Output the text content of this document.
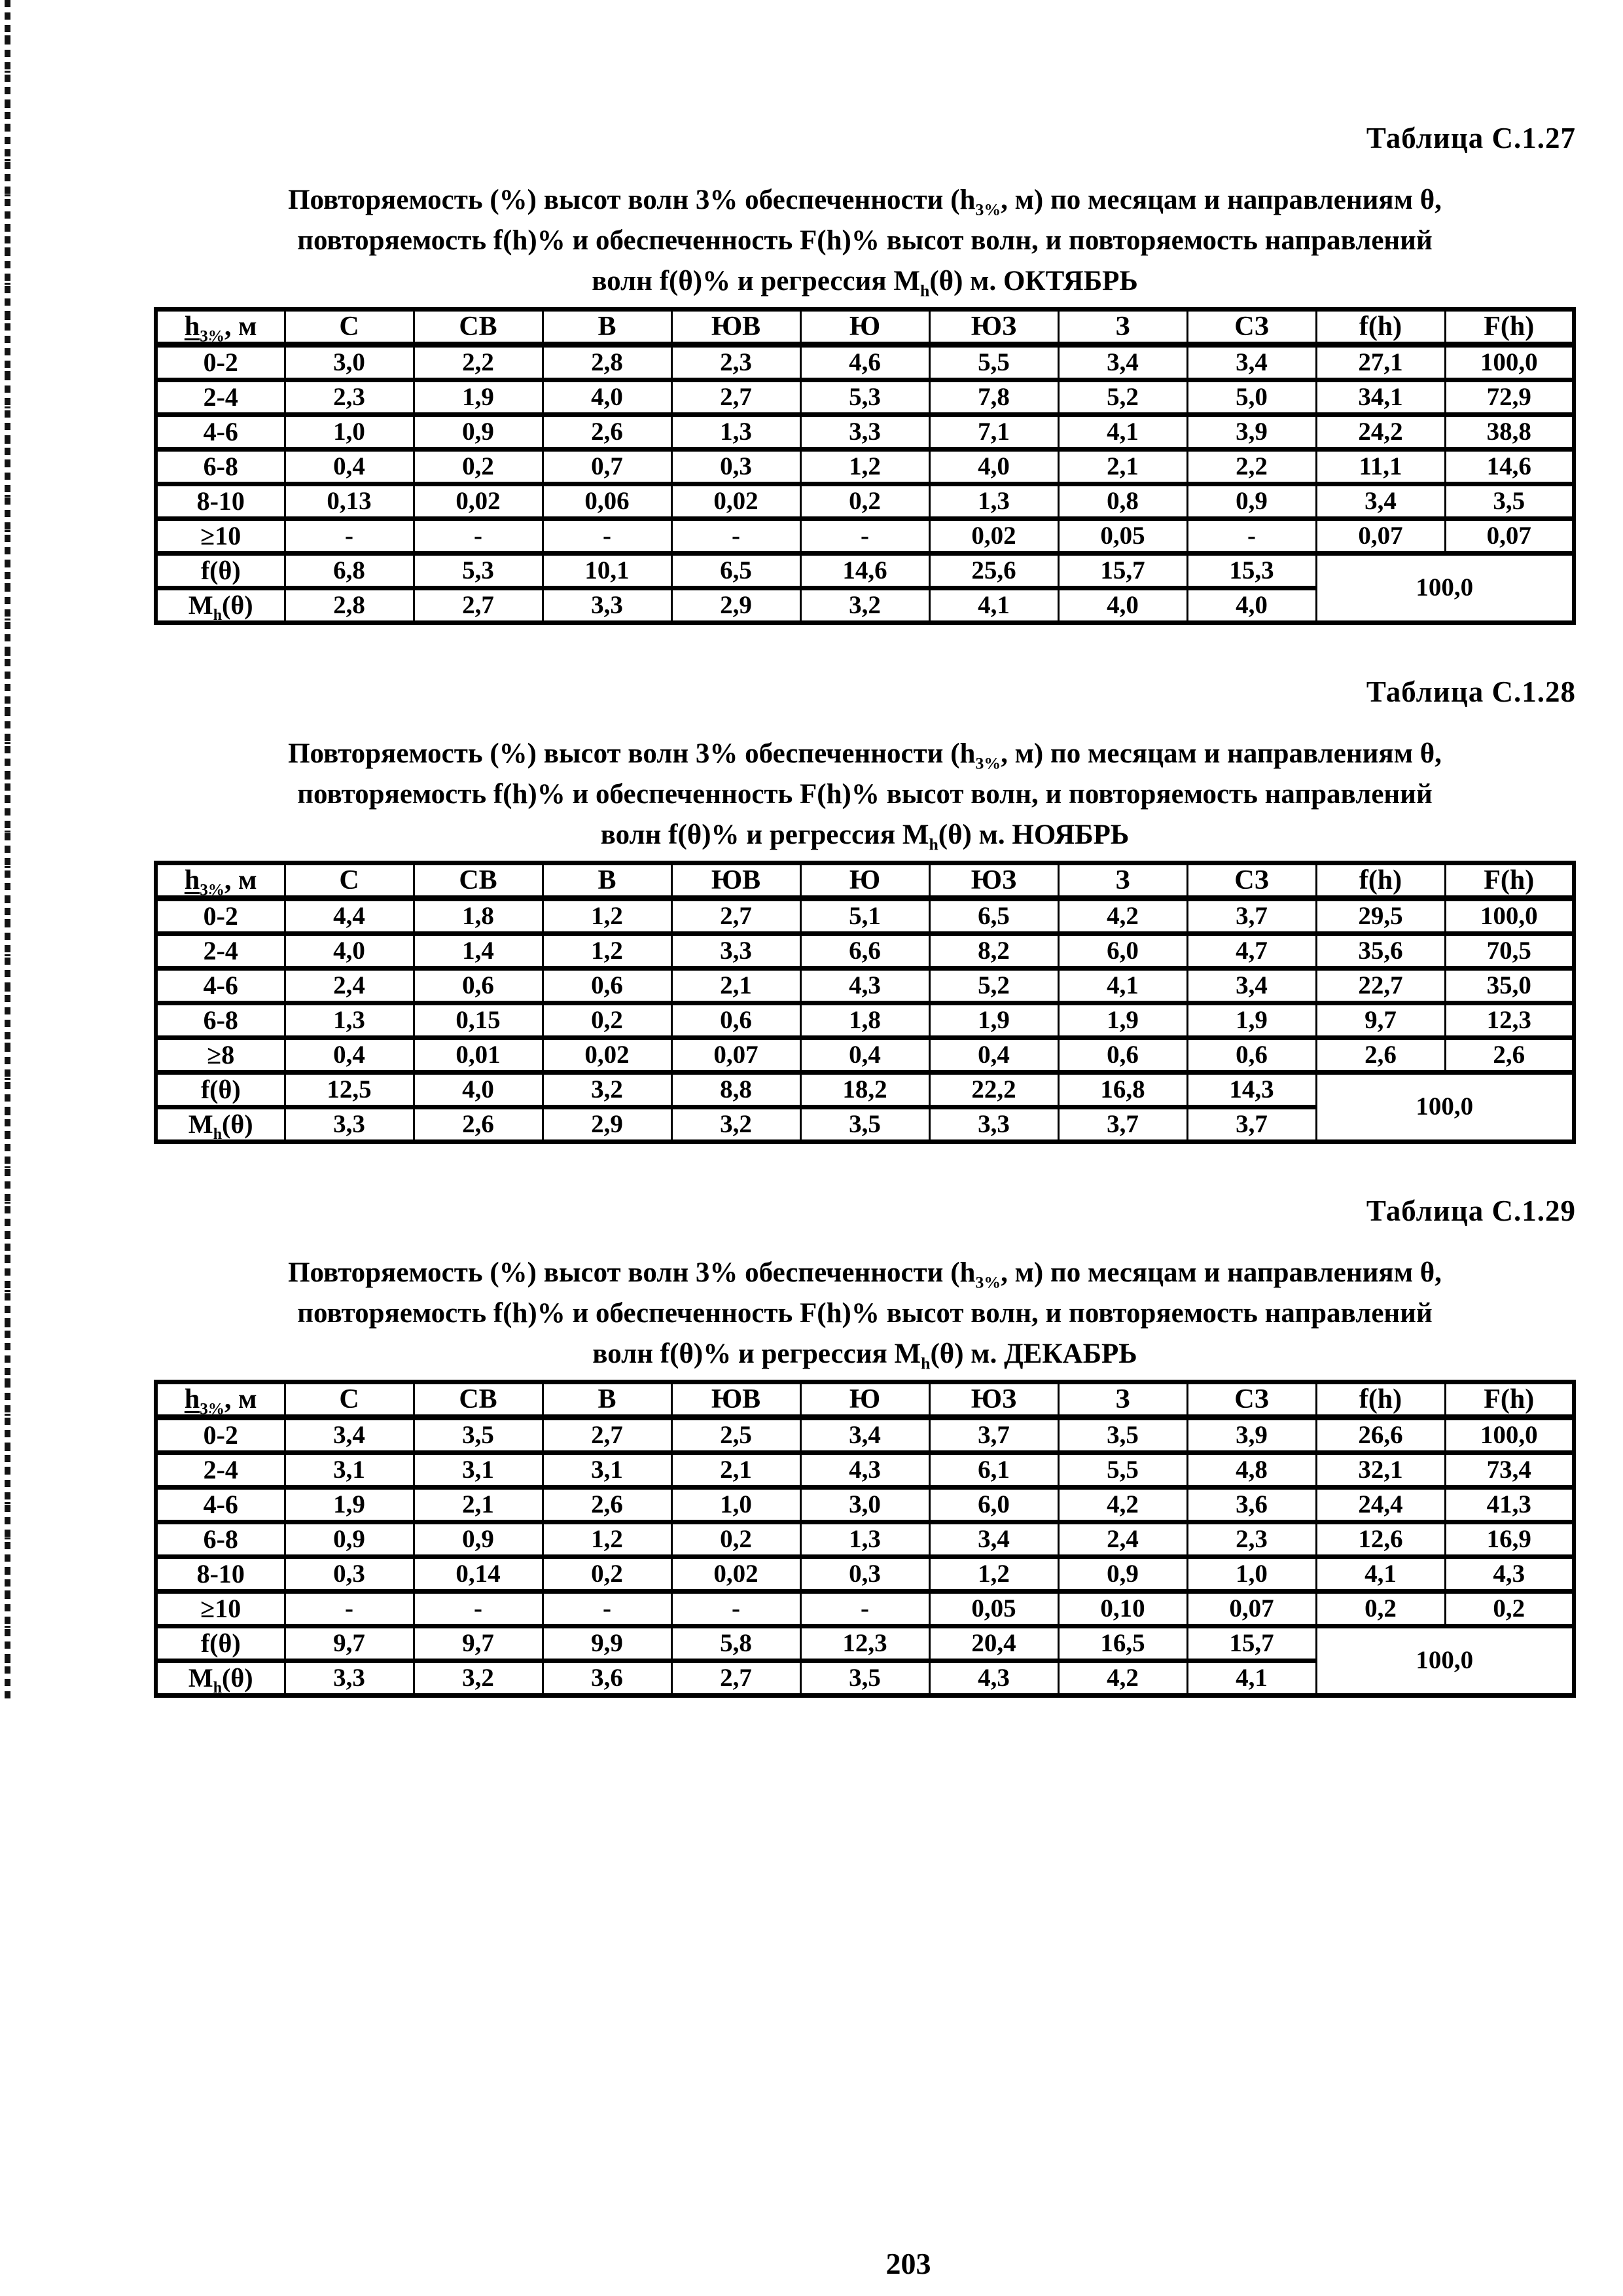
Таблица С.1.27
Повторяемость (%) высот волн 3% обеспеченности ($h_{3\%}$, м) по месяцам и направлениям θ,
повторяемость f(h)% и обеспеченность F(h)% высот волн, и повторяемость направлений
волн f(θ)% и регрессия $M_h(\theta)$ м. ОКТЯБРЬ
$h_{3\%}$, м	С	СВ	В	ЮВ	Ю	ЮЗ	З	СЗ	f(h)	F(h)
0-2	3,0	2,2	2,8	2,3	4,6	5,5	3,4	3,4	27,1	100,0
2-4	2,3	1,9	4,0	2,7	5,3	7,8	5,2	5,0	34,1	72,9
4-6	1,0	0,9	2,6	1,3	3,3	7,1	4,1	3,9	24,2	38,8
6-8	0,4	0,2	0,7	0,3	1,2	4,0	2,1	2,2	11,1	14,6
8-10	0,13	0,02	0,06	0,02	0,2	1,3	0,8	0,9	3,4	3,5
≥10	-	-	-	-	-	0,02	0,05	-	0,07	0,07
f(θ)	6,8	5,3	10,1	6,5	14,6	25,6	15,7	15,3	100,0	
$M_h(\theta)$	2,8	2,7	3,3	2,9	3,2	4,1	4,0	4,0		
Таблица С.1.28
Повторяемость (%) высот волн 3% обеспеченности ($h_{3\%}$, м) по месяцам и направлениям θ,
повторяемость f(h)% и обеспеченность F(h)% высот волн, и повторяемость направлений
волн f(θ)% и регрессия $M_h(\theta)$ м. НОЯБРЬ
$h_{3\%}$, м	С	СВ	В	ЮВ	Ю	ЮЗ	З	СЗ	f(h)	F(h)
0-2	4,4	1,8	1,2	2,7	5,1	6,5	4,2	3,7	29,5	100,0
2-4	4,0	1,4	1,2	3,3	6,6	8,2	6,0	4,7	35,6	70,5
4-6	2,4	0,6	0,6	2,1	4,3	5,2	4,1	3,4	22,7	35,0
6-8	1,3	0,15	0,2	0,6	1,8	1,9	1,9	1,9	9,7	12,3
≥8	0,4	0,01	0,02	0,07	0,4	0,4	0,6	0,6	2,6	2,6
f(θ)	12,5	4,0	3,2	8,8	18,2	22,2	16,8	14,3	100,0	
$M_h(\theta)$	3,3	2,6	2,9	3,2	3,5	3,3	3,7	3,7		
Таблица С.1.29
Повторяемость (%) высот волн 3% обеспеченности ($h_{3\%}$, м) по месяцам и направлениям θ,
повторяемость f(h)% и обеспеченность F(h)% высот волн, и повторяемость направлений
волн f(θ)% и регрессия $M_h(\theta)$ м. ДЕКАБРЬ
$h_{3\%}$, м	С	СВ	В	ЮВ	Ю	ЮЗ	З	СЗ	f(h)	F(h)
0-2	3,4	3,5	2,7	2,5	3,4	3,7	3,5	3,9	26,6	100,0
2-4	3,1	3,1	3,1	2,1	4,3	6,1	5,5	4,8	32,1	73,4
4-6	1,9	2,1	2,6	1,0	3,0	6,0	4,2	3,6	24,4	41,3
6-8	0,9	0,9	1,2	0,2	1,3	3,4	2,4	2,3	12,6	16,9
8-10	0,3	0,14	0,2	0,02	0,3	1,2	0,9	1,0	4,1	4,3
≥10	-	-	-	-	-	0,05	0,10	0,07	0,2	0,2
f(θ)	9,7	9,7	9,9	5,8	12,3	20,4	16,5	15,7	100,0	
$M_h(\theta)$	3,3	3,2	3,6	2,7	3,5	4,3	4,2	4,1		
203
